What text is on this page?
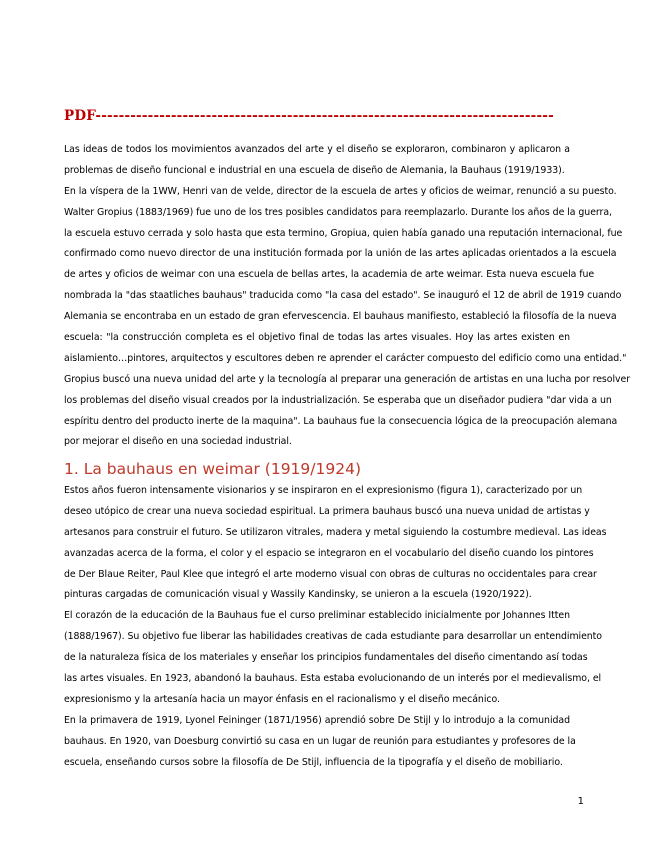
PDF-------------------------------------------------------------------------------
Las ideas de todos los movimientos avanzados del arte y el diseño se exploraron, combinaron y aplicaron a
problemas de diseño funcional e industrial en una escuela de diseño de Alemania, la Bauhaus (1919/1933).
En la víspera de la 1WW, Henri van de velde, director de la escuela de artes y oficios de weimar, renunció a su puesto.
Walter Gropius (1883/1969) fue uno de los tres posibles candidatos para reemplazarlo. Durante los años de la guerra,
la escuela estuvo cerrada y solo hasta que esta termino, Gropiua, quien había ganado una reputación internacional, fue
confirmado como nuevo director de una institución formada por la unión de las artes aplicadas orientados a la escuela
de artes y oficios de weimar con una escuela de bellas artes, la academia de arte weimar. Esta nueva escuela fue
nombrada la "das staatliches bauhaus" traducida como "la casa del estado". Se inauguró el 12 de abril de 1919 cuando
Alemania se encontraba en un estado de gran efervescencia. El bauhaus manifiesto, estableció la filosofía de la nueva
escuela: "la construcción completa es el objetivo final de todas las artes visuales. Hoy las artes existen en
aislamiento…pintores, arquitectos y escultores deben re aprender el carácter compuesto del edificio como una entidad."
Gropius buscó una nueva unidad del arte y la tecnología al preparar una generación de artistas en una lucha por resolver
los problemas del diseño visual creados por la industrialización. Se esperaba que un diseñador pudiera "dar vida a un
espíritu dentro del producto inerte de la maquina". La bauhaus fue la consecuencia lógica de la preocupación alemana
por mejorar el diseño en una sociedad industrial.
1. La bauhaus en weimar (1919/1924)
Estos años fueron intensamente visionarios y se inspiraron en el expresionismo (figura 1), caracterizado por un
deseo utópico de crear una nueva sociedad espiritual. La primera bauhaus buscó una nueva unidad de artistas y
artesanos para construir el futuro. Se utilizaron vitrales, madera y metal siguiendo la costumbre medieval. Las ideas
avanzadas acerca de la forma, el color y el espacio se integraron en el vocabulario del diseño cuando los pintores
de Der Blaue Reiter, Paul Klee que integró el arte moderno visual con obras de culturas no occidentales para crear
pinturas cargadas de comunicación visual y Wassily Kandinsky, se unieron a la escuela (1920/1922).
El corazón de la educación de la Bauhaus fue el curso preliminar establecido inicialmente por Johannes Itten
(1888/1967). Su objetivo fue liberar las habilidades creativas de cada estudiante para desarrollar un entendimiento
de la naturaleza física de los materiales y enseñar los principios fundamentales del diseño cimentando así todas
las artes visuales. En 1923, abandonó la bauhaus. Esta estaba evolucionando de un interés por el medievalismo, el
expresionismo y la artesanía hacia un mayor énfasis en el racionalismo y el diseño mecánico.
En la primavera de 1919, Lyonel Feininger (1871/1956) aprendió sobre De Stijl y lo introdujo a la comunidad
bauhaus. En 1920, van Doesburg convirtió su casa en un lugar de reunión para estudiantes y profesores de la
escuela, enseñando cursos sobre la filosofía de De Stijl, influencia de la tipografía y el diseño de mobiliario.
1
